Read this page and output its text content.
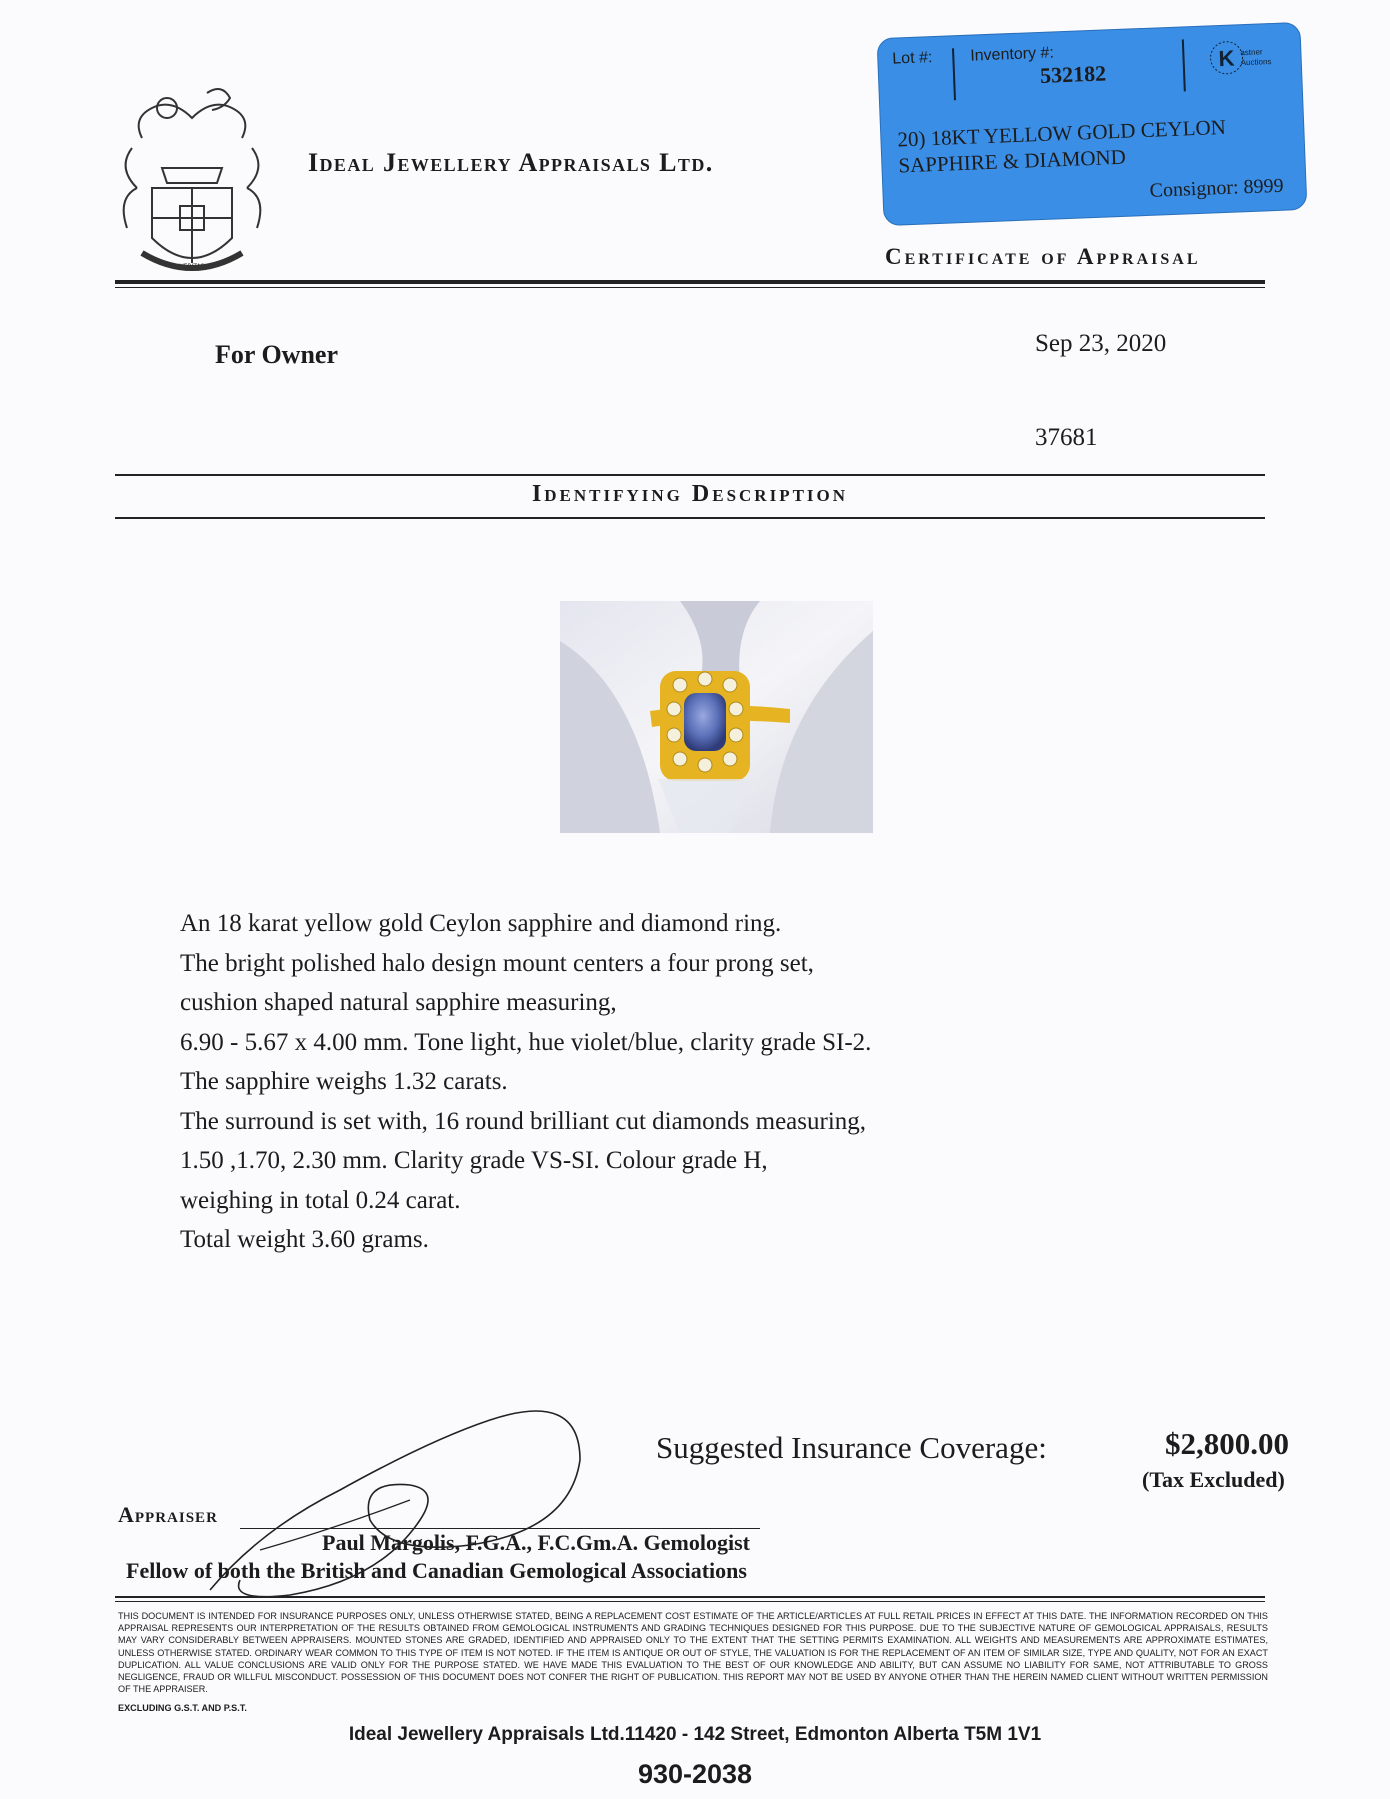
VERITAS
Ideal Jewellery Appraisals Ltd.
Lot #:	Inventory #:
532182
K astner
Auctions
20) 18KT YELLOW GOLD CEYLON
SAPPHIRE & DIAMOND
Consignor: 8999
Certificate of Appraisal
For Owner	Sep 23, 2020
37681
Identifying Description
An 18 karat yellow gold Ceylon sapphire and diamond ring.
The bright polished halo design mount centers a four prong set,
cushion shaped natural sapphire measuring,
6.90 - 5.67 x 4.00 mm. Tone light, hue violet/blue, clarity grade SI-2.
The sapphire weighs 1.32 carats.
The surround is set with, 16 round brilliant cut diamonds measuring,
1.50 ,1.70, 2.30 mm. Clarity grade VS-SI. Colour grade H,
weighing in total 0.24 carat.
Total weight 3.60 grams.
Suggested Insurance Coverage:	$2,800.00
(Tax Excluded)
Appraiser
Paul Margolis, F.G.A., F.C.Gm.A. Gemologist
Fellow of both the British and Canadian Gemological Associations
THIS DOCUMENT IS INTENDED FOR INSURANCE PURPOSES ONLY, UNLESS OTHERWISE STATED, BEING A REPLACEMENT COST ESTIMATE OF THE ARTICLE/ARTICLES AT FULL RETAIL PRICES IN EFFECT AT THIS DATE. THE INFORMATION RECORDED ON THIS APPRAISAL REPRESENTS OUR INTERPRETATION OF THE RESULTS OBTAINED FROM GEMOLOGICAL INSTRUMENTS AND GRADING TECHNIQUES DESIGNED FOR THIS PURPOSE. DUE TO THE SUBJECTIVE NATURE OF GEMOLOGICAL APPRAISALS, RESULTS MAY VARY CONSIDERABLY BETWEEN APPRAISERS. MOUNTED STONES ARE GRADED, IDENTIFIED AND APPRAISED ONLY TO THE EXTENT THAT THE SETTING PERMITS EXAMINATION. ALL WEIGHTS AND MEASUREMENTS ARE APPROXIMATE ESTIMATES, UNLESS OTHERWISE STATED. ORDINARY WEAR COMMON TO THIS TYPE OF ITEM IS NOT NOTED. IF THE ITEM IS ANTIQUE OR OUT OF STYLE, THE VALUATION IS FOR THE REPLACEMENT OF AN ITEM OF SIMILAR SIZE, TYPE AND QUALITY, NOT FOR AN EXACT DUPLICATION. ALL VALUE CONCLUSIONS ARE VALID ONLY FOR THE PURPOSE STATED. WE HAVE MADE THIS EVALUATION TO THE BEST OF OUR KNOWLEDGE AND ABILITY, BUT CAN ASSUME NO LIABILITY FOR SAME, NOT ATTRIBUTABLE TO GROSS NEGLIGENCE, FRAUD OR WILLFUL MISCONDUCT. POSSESSION OF THIS DOCUMENT DOES NOT CONFER THE RIGHT OF PUBLICATION. THIS REPORT MAY NOT BE USED BY ANYONE OTHER THAN THE HEREIN NAMED CLIENT WITHOUT WRITTEN PERMISSION OF THE APPRAISER.
EXCLUDING G.S.T. AND P.S.T.
Ideal Jewellery Appraisals Ltd.11420 - 142 Street, Edmonton Alberta T5M 1V1
930-2038
